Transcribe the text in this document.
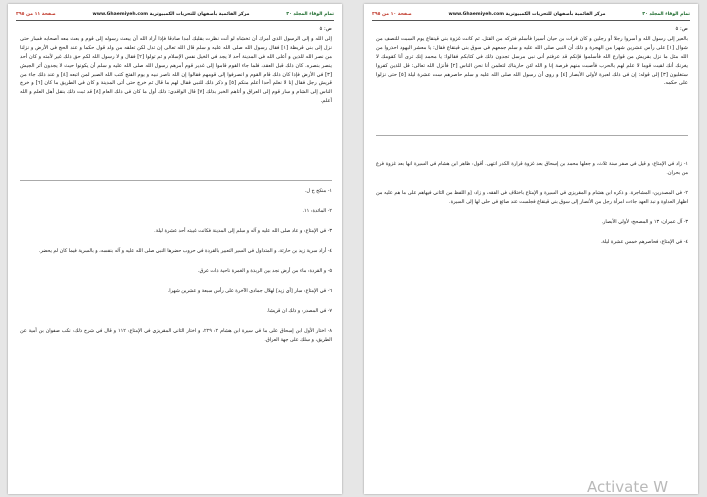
تمام الوفاء المجلد ٣٠
مركز القائمية بأصفهان للتحريات الكمبيوترية www.Ghaemiyeh.com
صفحة ١١ من ٣٩٥
ص: ٥
إلى الله و إلى الرسول الذي أمرك أن تخشاه لو أنت نظرت بقلبك أمدا صادقا فإذا أراد الله أن يبعث رسوله إلى قوم و بعث معه أصحابه فسار حتى نزل إلى بني قريظة [١] فقال رسول الله صلى الله عليه و سلم قال الله تعالى إن تدل لكن تعلقه من ولد قول حكما و عند الحج في الأرض و نزلنا من نصر الله للذين و أعلى الله في المدينة أحد لا يجد في الخيل نفس الإسلام و ثم تولوا [٢] فقال و لا رسول الله لكم حق ذلك غير لأمته و كان أحد ينصر بنصره. كان ذلك قبل العقد، فلما جاء القوم قاموا إلى غدير قوم أمرهم رسول الله صلى الله عليه و سلم أن يكونوا حيث لا يجدون أثر الجيش [٣] في الأرض فإذا كان ذلك قام القوم و انصرفوا إلى قومهم فقالوا إن الله ناصر نبيه و يوم الفتح كتب الله الصبر لمن اتبعه [٤] و عند ذلك جاء من قريش رجل فقال إنا لا نعلم أحدا أعلم منكم [٥] و ذكر ذلك للنبي فقال لهم ما قال ثم خرج حتى أتى المدينة و كان في الطريق ما كان [٦] و خرج الناس إلى الشام و سار قوم إلى العراق و أتاهم الخبر بذلك [٧] قال الواقدي: ذلك أول ما كان في ذلك العام [٨] قد ثبت ذلك بنقل أهل العلم و الله أعلم.
١- منكح ح ل.
٢- المائدة: ١١.
٣- في الإمتاع: و عاد صلى الله عليه و آله و سلم إلى المدينة فكانت غيبته أحد عشرة ليلة.
٤- أراد سرية زيد بن حارثة، و المتداول في السير التعبير بالقردة في حروب حضرها النبي صلى الله عليه و آله بنفسه، و بالسرية فيما كان لم يحضر.
٥- و القردة: ماء من أرض نجد بين الربذة و الغمرة ناحية ذات عرق.
٦- في الإمتاع: سار [أي زيد] لهلال جمادى الآخرة على رأس سبعة و عشرين شهرا.
٧- في المصدر: و ذلك ان قريشا.
٨- اختار الأول ابن إسحاق على ما في سيرة ابن هشام ٢: ٢٢٩، و اختار الثاني المقريزي في الإمتاع: ١١٢ و قال في شرح ذلك: نكب صفوان بن أمية عن الطريق، و سلك على جهة العراق.
تمام الوفاء المجلد ٣٠
مركز القائمية بأصفهان للتحريات الكمبيوترية www.Ghaemiyeh.com
صفحة ١٠ من ٣٩٥
ص: ٥
بالعير إلى رسول الله و أسروا رجلا أو رجلين و كان فرات بن حيان أسيرا فأسلم فتركه من القتل. ثم كانت غزوة بني قينقاع يوم السبت للنصف من شوال [١] على رأس عشرين شهرا من الهجرة و ذلك أن النبي صلى الله عليه و سلم جمعهم في سوق بني قينقاع فقال: يا معشر اليهود احذروا من الله مثل ما نزل بقريش من قوارع الله فأسلموا فإنكم قد عرفتم أني نبي مرسل تجدون ذلك في كتابكم فقالوا: يا محمد إنك ترى أنا كقومك لا يغرنك أنك لقيت قوما لا علم لهم بالحرب فأصبت منهم فرصة إنا و الله لئن حاربناك لتعلمن أنا نحن الناس [٢] فأنزل الله تعالى: قل للذين كفروا ستغلبون [٣] إلى قوله: إن في ذلك لعبرة لأولي الأبصار [٤] و روي أن رسول الله صلى الله عليه و سلم حاصرهم ست عشرة ليلة [٥] حتى نزلوا على حكمه.
١- زاد في الإمتاع: و قيل في صفر سنة ثلاث، و جعلها محمد بن إسحاق بعد غزوة قرارة الكدر انتهى. أقول: ظاهر ابن هشام في السيرة انها بعد غزوة فرع من بحران.
٢- في المصدرين: المشاجرة. و ذكره ابن هشام و المقريزي في السيرة و الإمتاع باختلاف في الفقه، و زاد: [و اللفظ من الثاني فيهاهم على ما هم عليه من اظهار العداوة و نبذ العهد جاءت امرأة رجل من الأنصار إلى سوق بني قينقاع فجلست عند صائغ في حلي لها إلى السيرة.
٣- آل عمران: ١٣ و المصحح: لأولي الأبصار.
٤- في الإمتاع: فحاصرهم خمس عشرة ليلة.
Activate W
